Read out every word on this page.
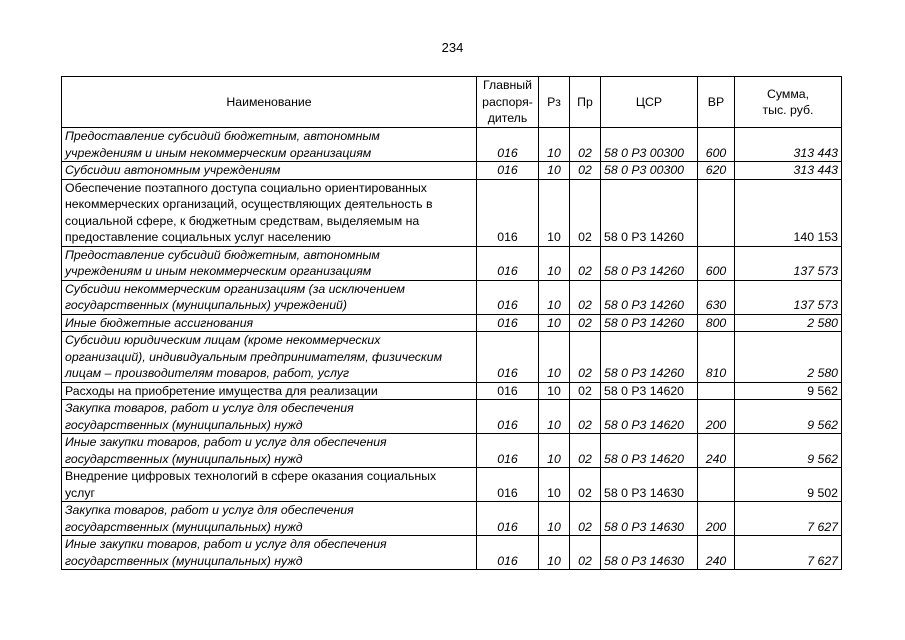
234
Наименование	Главный
распоря-
дитель	Рз	Пр	ЦСР	ВР	Сумма,
тыс. руб.
Предоставление субсидий бюджетным, автономным
учреждениям и иным некоммерческим организациям	016	10	02	58 0 Р3 00300	600	313 443
Субсидии автономным учреждениям	016	10	02	58 0 Р3 00300	620	313 443
Обеспечение поэтапного доступа социально ориентированных
некоммерческих организаций, осуществляющих деятельность в
социальной сфере, к бюджетным средствам, выделяемым на
предоставление социальных услуг населению	016	10	02	58 0 Р3 14260		140 153
Предоставление субсидий бюджетным, автономным
учреждениям и иным некоммерческим организациям	016	10	02	58 0 Р3 14260	600	137 573
Субсидии некоммерческим организациям (за исключением
государственных (муниципальных) учреждений)	016	10	02	58 0 Р3 14260	630	137 573
Иные бюджетные ассигнования	016	10	02	58 0 Р3 14260	800	2 580
Субсидии юридическим лицам (кроме некоммерческих
организаций), индивидуальным предпринимателям, физическим
лицам – производителям товаров, работ, услуг	016	10	02	58 0 Р3 14260	810	2 580
Расходы на приобретение имущества для реализации	016	10	02	58 0 Р3 14620		9 562
Закупка товаров, работ и услуг для обеспечения
государственных (муниципальных) нужд	016	10	02	58 0 Р3 14620	200	9 562
Иные закупки товаров, работ и услуг для обеспечения
государственных (муниципальных) нужд	016	10	02	58 0 Р3 14620	240	9 562
Внедрение цифровых технологий в сфере оказания социальных
услуг	016	10	02	58 0 Р3 14630		9 502
Закупка товаров, работ и услуг для обеспечения
государственных (муниципальных) нужд	016	10	02	58 0 Р3 14630	200	7 627
Иные закупки товаров, работ и услуг для обеспечения
государственных (муниципальных) нужд	016	10	02	58 0 Р3 14630	240	7 627
